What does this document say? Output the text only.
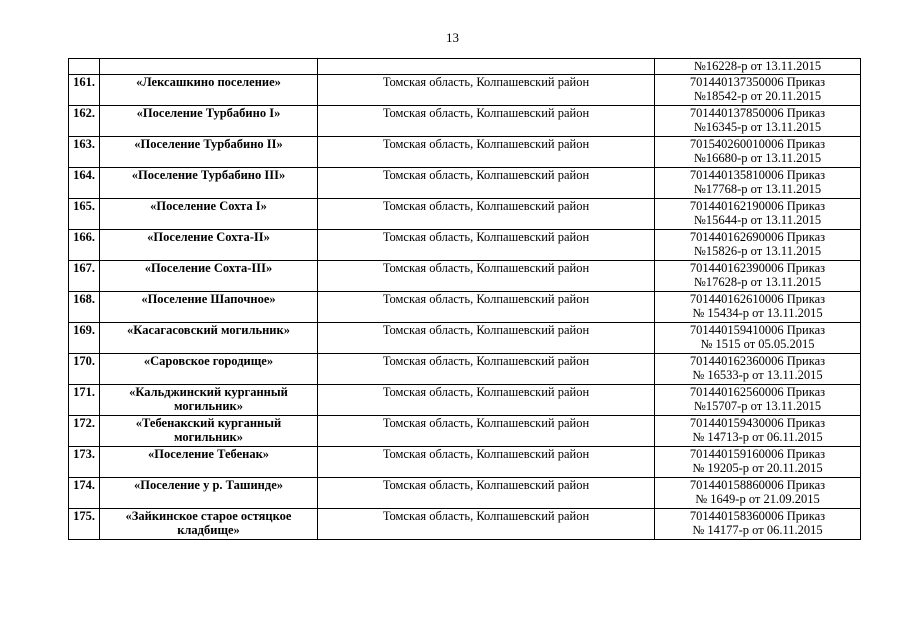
13

			№16228-р от 13.11.2015

161.	«Лексашкино поселение»	Томская область, Колпашевский район	701440137350006 Приказ
№18542-р от 20.11.2015

162.	«Поселение Турбабино I»	Томская область, Колпашевский район	701440137850006 Приказ
№16345-р от 13.11.2015

163.	«Поселение Турбабино II»	Томская область, Колпашевский район	701540260010006 Приказ
№16680-р от 13.11.2015

164.	«Поселение Турбабино III»	Томская область, Колпашевский район	701440135810006 Приказ
№17768-р от 13.11.2015

165.	«Поселение Сохта I»	Томская область, Колпашевский район	701440162190006 Приказ
№15644-р от 13.11.2015

166.	«Поселение Сохта-II»	Томская область, Колпашевский район	701440162690006 Приказ
№15826-р от 13.11.2015

167.	«Поселение Сохта-III»	Томская область, Колпашевский район	701440162390006 Приказ
№17628-р от 13.11.2015

168.	«Поселение Шапочное»	Томская область, Колпашевский район	701440162610006 Приказ
№ 15434-р от 13.11.2015

169.	«Касагасовский могильник»	Томская область, Колпашевский район	701440159410006 Приказ
№ 1515 от 05.05.2015

170.	«Саровское городище»	Томская область, Колпашевский район	701440162360006 Приказ
№ 16533-р от 13.11.2015

171.	«Кальджинский курганный
могильник»	Томская область, Колпашевский район	701440162560006 Приказ
№15707-р от 13.11.2015

172.	«Тебенакский курганный
могильник»	Томская область, Колпашевский район	701440159430006 Приказ
№ 14713-р от 06.11.2015

173.	«Поселение Тебенак»	Томская область, Колпашевский район	701440159160006 Приказ
№ 19205-р от 20.11.2015

174.	«Поселение у р. Ташинде»	Томская область, Колпашевский район	701440158860006 Приказ
№ 1649-р от 21.09.2015

175.	«Зайкинское старое остяцкое
кладбище»	Томская область, Колпашевский район	701440158360006 Приказ
№ 14177-р от 06.11.2015
